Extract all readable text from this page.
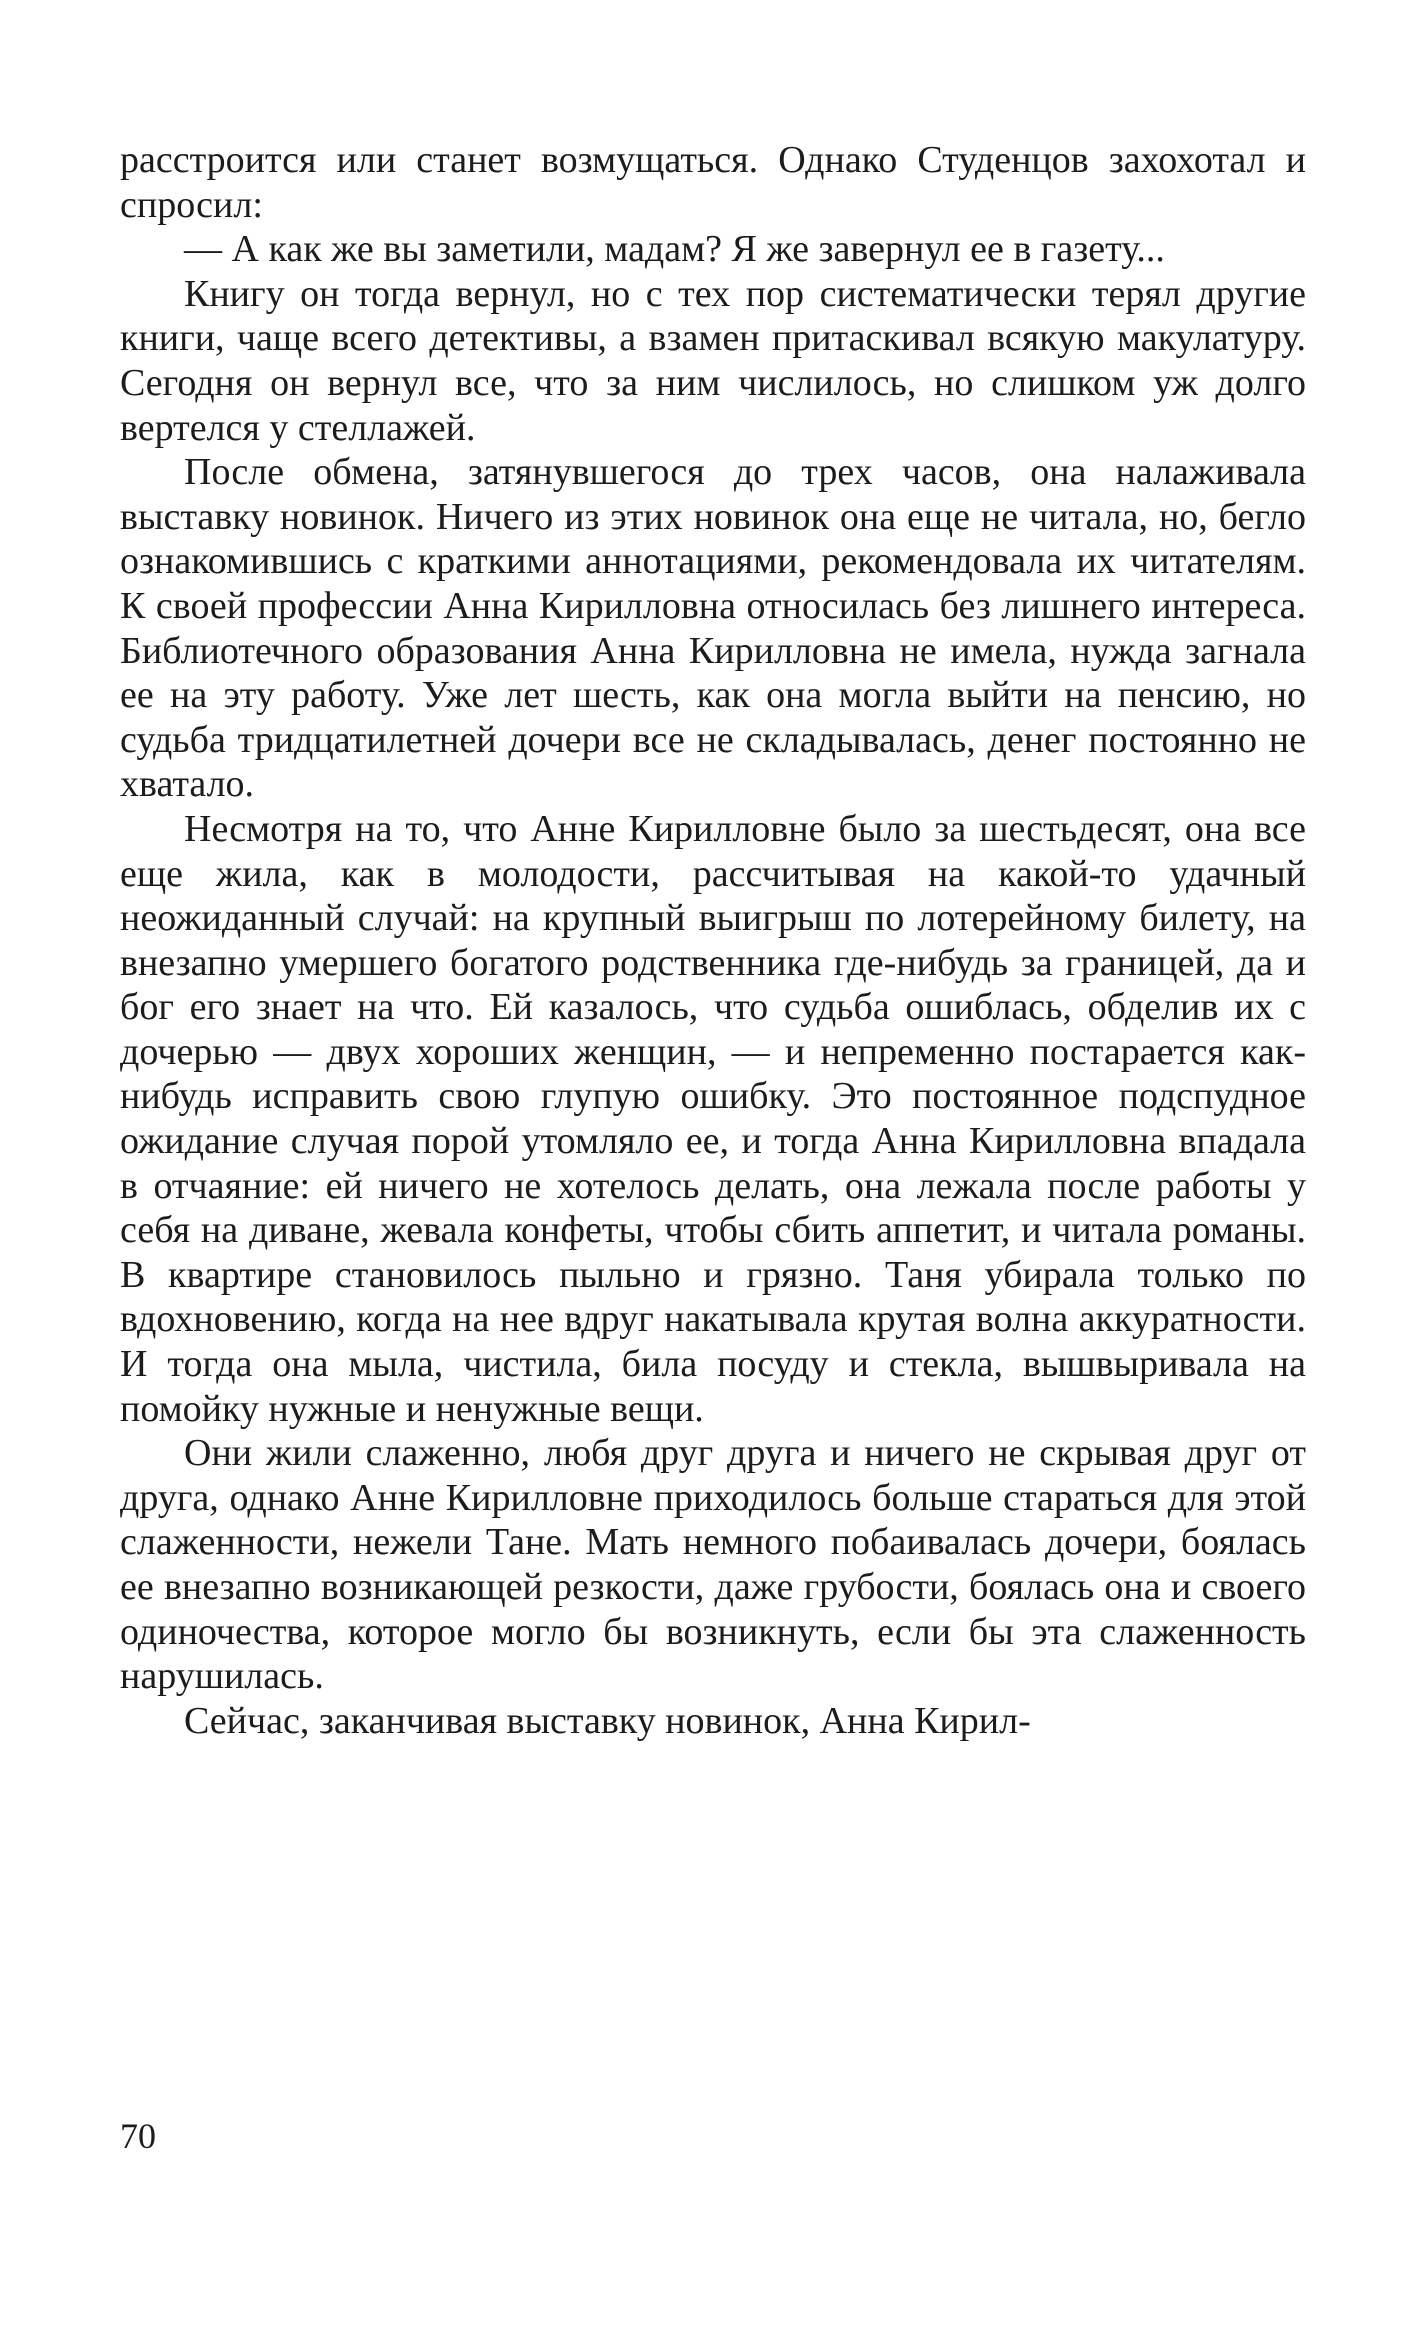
расстроится или станет возмущаться. Однако Студенцов захохотал и спросил:

— А как же вы заметили, мадам? Я же завернул ее в газету...

Книгу он тогда вернул, но с тех пор систематически терял другие книги, чаще всего детективы, а взамен притаскивал всякую макулатуру. Сегодня он вернул все, что за ним числилось, но слишком уж долго вертелся у стеллажей.

После обмена, затянувшегося до трех часов, она налаживала выставку новинок. Ничего из этих новинок она еще не читала, но, бегло ознакомившись с краткими аннотациями, рекомендовала их читателям. К своей профессии Анна Кирилловна относилась без лишнего интереса. Библиотечного образования Анна Кирилловна не имела, нужда загнала ее на эту работу. Уже лет шесть, как она могла выйти на пенсию, но судьба тридцатилетней дочери все не складывалась, денег постоянно не хватало.

Несмотря на то, что Анне Кирилловне было за шестьдесят, она все еще жила, как в молодости, рассчитывая на какой-то удачный неожиданный случай: на крупный выигрыш по лотерейному билету, на внезапно умершего богатого родственника где-нибудь за границей, да и бог его знает на что. Ей казалось, что судьба ошиблась, обделив их с дочерью — двух хороших женщин, — и непременно постарается как-нибудь исправить свою глупую ошибку. Это постоянное подспудное ожидание случая порой утомляло ее, и тогда Анна Кирилловна впадала в отчаяние: ей ничего не хотелось делать, она лежала после работы у себя на диване, жевала конфеты, чтобы сбить аппетит, и читала романы. В квартире становилось пыльно и грязно. Таня убирала только по вдохновению, когда на нее вдруг накатывала крутая волна аккуратности. И тогда она мыла, чистила, била посуду и стекла, вышвыривала на помойку нужные и ненужные вещи.

Они жили слаженно, любя друг друга и ничего не скрывая друг от друга, однако Анне Кирилловне приходилось больше стараться для этой слаженности, нежели Тане. Мать немного побаивалась дочери, боялась ее внезапно возникающей резкости, даже грубости, боялась она и своего одиночества, которое могло бы возникнуть, если бы эта слаженность нарушилась.

Сейчас, заканчивая выставку новинок, Анна Кирил-

70
